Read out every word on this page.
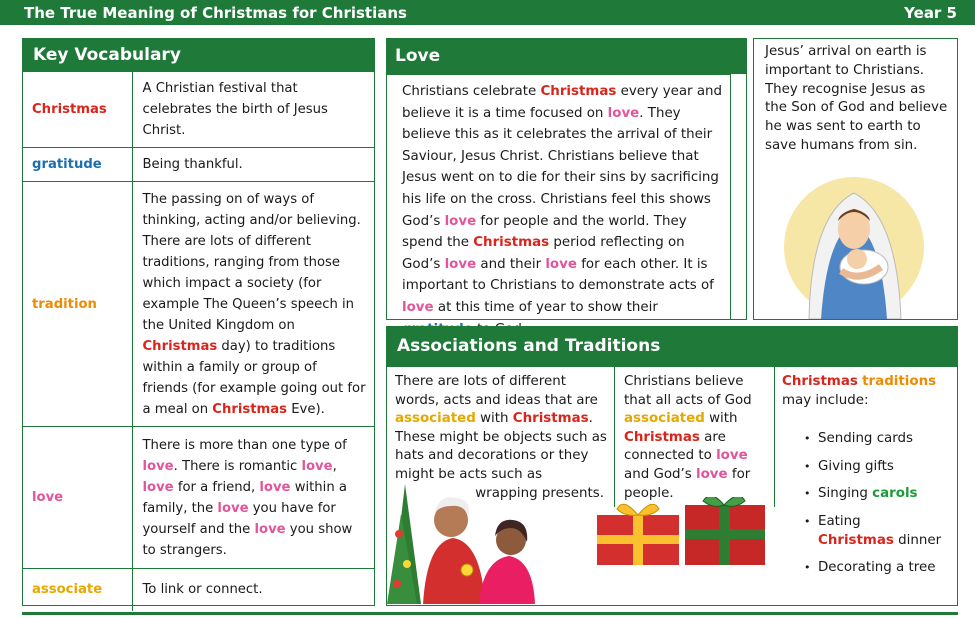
The True Meaning of Christmas for Christians	Year 5
Key Vocabulary
Christmas	A Christian festival that celebrates the birth of Jesus Christ.
gratitude	Being thankful.
tradition	The passing on of ways of thinking, acting and/or believing. There are lots of different traditions, ranging from those which impact a society (for example The Queen’s speech in the United Kingdom on Christmas day) to traditions within a family or group of friends (for example going out for a meal on Christmas Eve).
love	There is more than one type of love. There is romantic love, love for a friend, love within a family, the love you have for yourself and the love you show to strangers.
associate	To link or connect.
Love
Christians celebrate Christmas every year and believe it is a time focused on love. They believe this as it celebrates the arrival of their Saviour, Jesus Christ. Christians believe that Jesus went on to die for their sins by sacrificing his life on the cross. Christians feel this shows God’s love for people and the world. They spend the Christmas period reflecting on God’s love and their love for each other. It is important to Christians to demonstrate acts of love at this time of year to show their
Jesus’ arrival on earth is important to Christians. They recognise Jesus as the Son of God and believe he was sent to earth to save humans from sin.
Associations and Traditions
There are lots of different words, acts and ideas that are associated with Christmas. These might be objects such as hats and decorations or they might be acts such as
wrapping presents.
Christians believe that all acts of God associated with Christmas are connected to love and God’s love for people.
Christmas traditions
may include:
• Sending cards
• Giving gifts
• Singing carols
• Eating
Christmas dinner
• Decorating a tree
